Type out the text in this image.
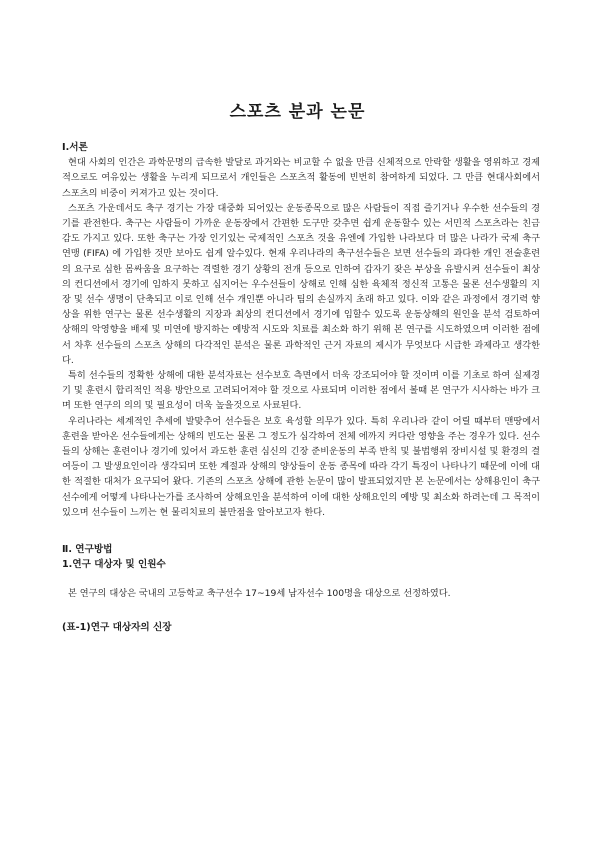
스포츠 분과 논문
Ⅰ.서론

현대 사회의 인간은 과학문명의 급속한 발달로 과거와는 비교할 수 없을 만큼 신체적으로 안락할 생활을 영위하고 경제적으로도 여유있는 생활을 누리게 되므로서 개인들은 스포츠적 활동에 빈번히 참여하게 되었다. 그 만큼 현대사회에서 스포츠의 비중이 커져가고 있는 것이다.

스포츠 가운데서도 축구 경기는 가장 대중화 되어있는 운동종목으로 많은 사람들이 직접 즐기거나 우수한 선수들의 경기를 관전한다. 축구는 사람들이 가까운 운동장에서 간편한 도구만 갖추면 쉽게 운동할수 있는 서민적 스포츠라는 친금감도 가지고 있다. 또한 축구는 가장 인기있는 국제적인 스포츠 것을 유엔에 가입한 나라보다 더 많은 나라가 국제 축구 연맹 (FIFA) 에 가입한 것만 보아도 쉽게 알수있다. 현재 우리나라의 축구선수들은 보면 선수들의 과다한 개인 전술훈련의 요구로 심한 몸싸움을 요구하는 격렬한 경기 상황의 전개 등으로 인하여 갑자기 잦은 부상을 유발시켜 선수들이 최상의 컨디션에서 경기에 임하지 못하고 심지어는 우수선들이 상해로 인해 심한 육체적 정신적 고통은 물론 선수생활의 지장 및 선수 생명이 단축되고 이로 인해 선수 개인뿐 아니라 팀의 손실까지 초래 하고 있다. 이와 같은 과정에서 경기력 향상을 위한 연구는 물론 선수생활의 지장과 최상의 컨디션에서 경기에 임할수 있도록 운동상해의 원인을 분석 검토하여 상해의 악영향을 배제 및 미연에 방지하는 예방적 시도와 치료를 최소화 하기 위해 본 연구를 시도하였으며 이러한 점에서 차후 선수들의 스포츠 상해의 다각적인 분석은 물론 과학적인 근거 자료의 제시가 무엇보다 시급한 과제라고 생각한다.

특히 선수들의 정확한 상해에 대한 분석자료는 선수보호 측면에서 더욱 강조되어야 할 것이며 이를 기초로 하여 실제경기 및 훈련시 합리적인 적용 방안으로 고려되어져야 할 것으로 사료되며 이러한 점에서 볼때 본 연구가 시사하는 바가 크며 또한 연구의 의의 및 필요성이 더욱 높을것으로 사료된다.

우리나라는 세계적인 추세에 발맞추어 선수들은 보호 육성할 의무가 있다. 특히 우리나라 같이 어릴 때부터 맨땅에서 훈련을 받아온 선수들에게는 상해의 빈도는 물론 그 정도가 심각하여 전체 에까지 커다란 영향을 주는 경우가 있다. 선수들의 상해는 훈련이나 경기에 있어서 과도한 훈련 심신의 긴장 준비운동의 부족 반칙 및 불법행위 장비시설 및 환경의 결여등이 그 발생요인이라 생각되며 또한 계절과 상해의 양상들이 운동 종목에 따라 각기 특징이 나타나기 때문에 이에 대한 적절한 대처가 요구되어 왔다. 기존의 스포츠 상해에 관한 논문이 많이 발표되었지만 본 논문에서는 상해용인이 축구선수에게 어떻게 나타나는가를 조사하여 상해요인을 분석하여 이에 대한 상해요인의 예방 및 최소화 하려는데 그 목적이 있으며 선수들이 느끼는 현 물리치료의 불만점을 알아보고자 한다.

Ⅱ. 연구방법
1.연구 대상자 및 인원수

본 연구의 대상은 국내의 고등학교 축구선수 17~19세 남자선수 100명을 대상으로 선정하였다.

(표-1)연구 대상자의 신장
